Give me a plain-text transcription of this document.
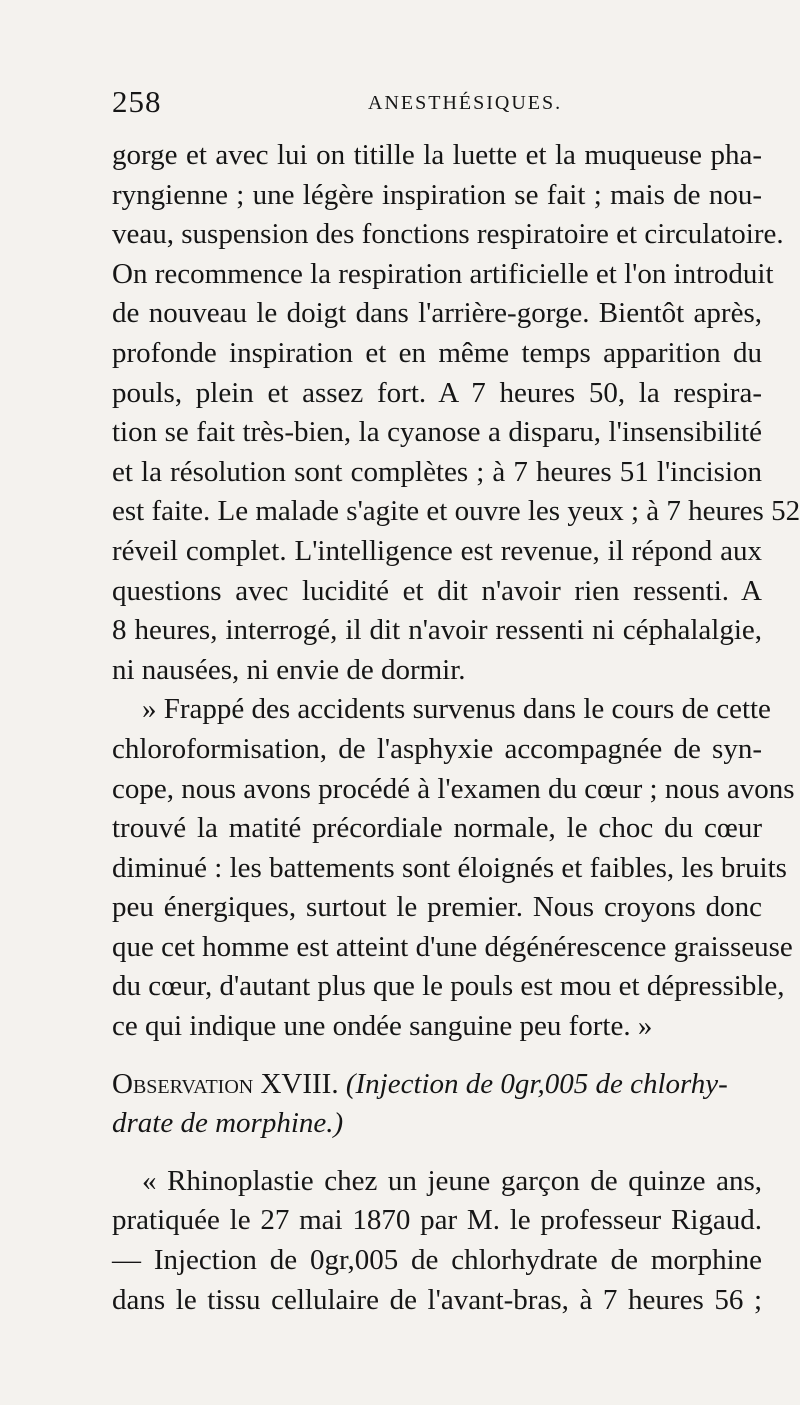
258	ANESTHÉSIQUES.
gorge et avec lui on titille la luette et la muqueuse pha-
ryngienne ; une légère inspiration se fait ; mais de nou-
veau, suspension des fonctions respiratoire et circulatoire.
On recommence la respiration artificielle et l'on introduit
de nouveau le doigt dans l'arrière-gorge. Bientôt après,
profonde inspiration et en même temps apparition du
pouls, plein et assez fort. A 7 heures 50, la respira-
tion se fait très-bien, la cyanose a disparu, l'insensibilité
et la résolution sont complètes ; à 7 heures 51 l'incision
est faite. Le malade s'agite et ouvre les yeux ; à 7 heures 52
réveil complet. L'intelligence est revenue, il répond aux
questions avec lucidité et dit n'avoir rien ressenti. A
8 heures, interrogé, il dit n'avoir ressenti ni céphalalgie,
ni nausées, ni envie de dormir.
» Frappé des accidents survenus dans le cours de cette
chloroformisation, de l'asphyxie accompagnée de syn-
cope, nous avons procédé à l'examen du cœur ; nous avons
trouvé la matité précordiale normale, le choc du cœur
diminué : les battements sont éloignés et faibles, les bruits
peu énergiques, surtout le premier. Nous croyons donc
que cet homme est atteint d'une dégénérescence graisseuse
du cœur, d'autant plus que le pouls est mou et dépressible,
ce qui indique une ondée sanguine peu forte. »
Observation XVIII. (Injection de 0gr,005 de chlorhy-
drate de morphine.)
« Rhinoplastie chez un jeune garçon de quinze ans,
pratiquée le 27 mai 1870 par M. le professeur Rigaud.
— Injection de 0gr,005 de chlorhydrate de morphine
dans le tissu cellulaire de l'avant-bras, à 7 heures 56 ;
